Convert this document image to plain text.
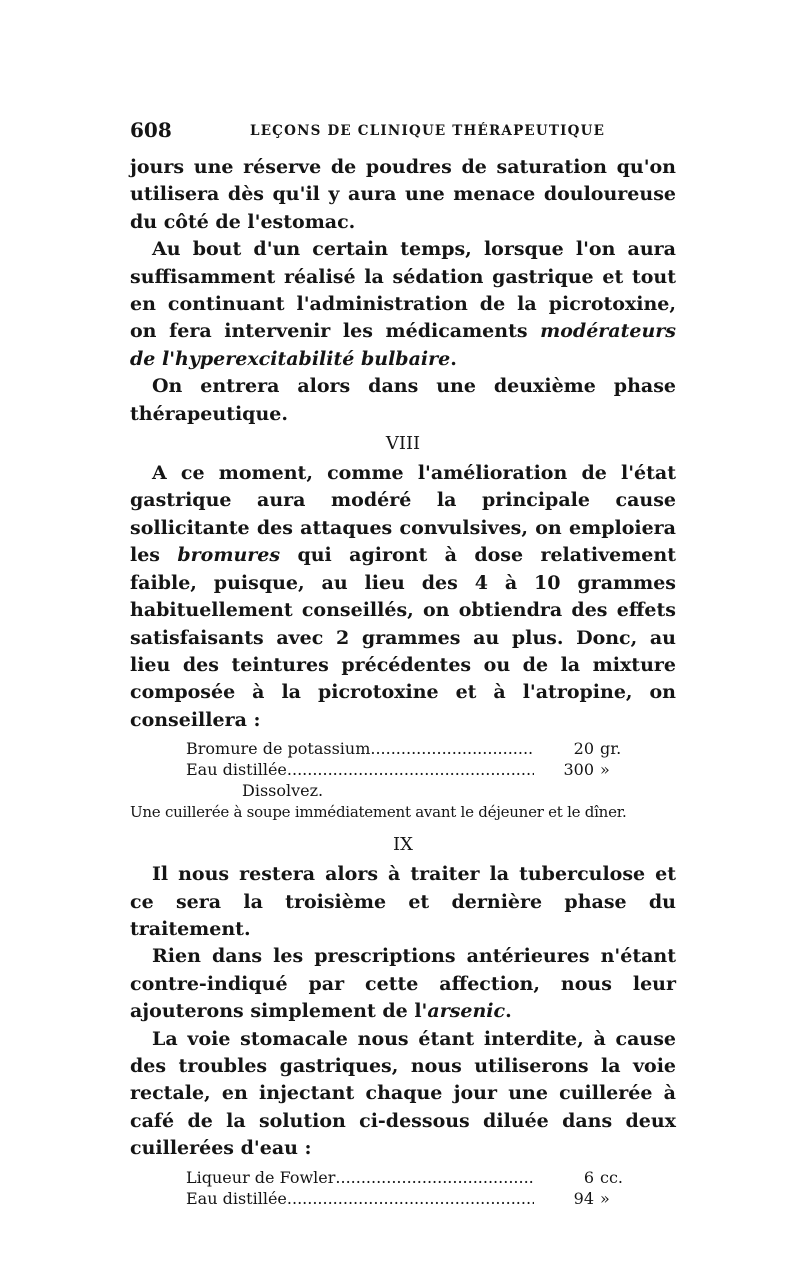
608	LEÇONS DE CLINIQUE THÉRAPEUTIQUE

jours une réserve de poudres de saturation qu'on utilisera dès qu'il y aura une menace douloureuse du côté de l'estomac.

Au bout d'un certain temps, lorsque l'on aura suffisamment réalisé la sédation gastrique et tout en continuant l'administration de la picrotoxine, on fera intervenir les médicaments modérateurs de l'hyperexcitabilité bulbaire.

On entrera alors dans une deuxième phase thérapeutique.

VIII

A ce moment, comme l'amélioration de l'état gastrique aura modéré la principale cause sollicitante des attaques convulsives, on emploiera les bromures qui agiront à dose relativement faible, puisque, au lieu des 4 à 10 grammes habituellement conseillés, on obtiendra des effets satisfaisants avec 2 grammes au plus. Donc, au lieu des teintures précédentes ou de la mixture composée à la picrotoxine et à l'atropine, on conseillera :

Bromure de potassium .....	20 gr.
Eau distillée .....	300 »
Dissolvez.
Une cuillerée à soupe immédiatement avant le déjeuner et le dîner.
IX

Il nous restera alors à traiter la tuberculose et ce sera la troisième et dernière phase du traitement.

Rien dans les prescriptions antérieures n'étant contre-indiqué par cette affection, nous leur ajouterons simplement de l'arsenic.

La voie stomacale nous étant interdite, à cause des troubles gastriques, nous utiliserons la voie rectale, en injectant chaque jour une cuillerée à café de la solution ci-dessous diluée dans deux cuillerées d'eau :

Liqueur de Fowler .....	6 cc.
Eau distillée .....	94 »
